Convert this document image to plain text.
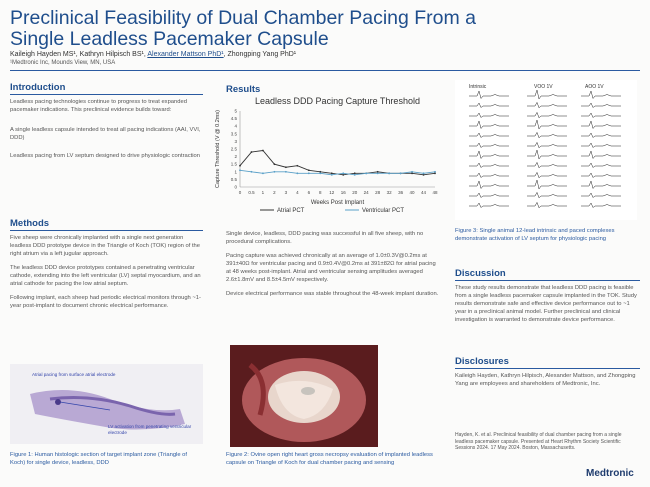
Preclinical Feasibility of Dual Chamber Pacing From a Single Leadless Pacemaker Capsule
Kaileigh Hayden MS¹, Kathryn Hilpisch BS¹, Alexander Mattson PhD¹, Zhongping Yang PhD¹
¹Medtronic Inc, Mounds View, MN, USA
Introduction

Leadless pacing technologies continue to progress to treat expanded pacemaker indications. This preclinical evidence builds toward:

A single leadless capsule intended to treat all pacing indications (AAI, VVI, DDD)

Leadless pacing from LV septum designed to drive physiologic contraction

Methods

Five sheep were chronically implanted with a single next generation leadless DDD prototype device in the Triangle of Koch (TOK) region of the right atrium via a left jugular approach.

The leadless DDD device prototypes contained a penetrating ventricular cathode, extending into the left ventricular (LV) septal myocardium, and an atrial cathode for pacing the low atrial septum.

Following implant, each sheep had periodic electrical monitors through ~1-year post-implant to document chronic electrical performance.

Atrial pacing from surface atrial electrode
LV activation from penetrating ventricular electrode
Figure 1: Human histologic section of target implant zone (Triangle of Koch) for single device, leadless, DDD
Results
Leadless DDD Pacing Capture Threshold
0
0.5
1
1.5
2
2.5
3
3.5
4
4.5
5
0 0.5 1 2 3 4 6 8 12 16 20 24 28 32 36 40 44 48
Capture Threshold (V @ 0.2ms)
Weeks Post Implant
Atrial PCT	Ventricular PCT

Single device, leadless, DDD pacing was successful in all five sheep, with no procedural complications.

Pacing capture was achieved chronically at an average of 1.0±0.3V@0.2ms at 391±40Ω for ventricular pacing and 0.9±0.4V@0.2ms at 391±82Ω for atrial pacing at 48 weeks post-implant. Atrial and ventricular sensing amplitudes averaged 2.6±1.8mV and 8.5±4.5mV respectively.

Device electrical performance was stable throughout the 48-week implant duration.

Figure 2: Ovine open right heart gross necropsy evaluation of implanted leadless capsule on Triangle of Koch for dual chamber pacing and sensing
Intrinsic	VOO 1V	AOO 1V
Figure 3: Single animal 12-lead intrinsic and paced complexes demonstrate activation of LV septum for physiologic pacing
Discussion
These study results demonstrate that leadless DDD pacing is feasible from a single leadless pacemaker capsule implanted in the TOK. Study results demonstrate safe and effective device performance out to ~1 year in a preclinical animal model. Further preclinical and clinical investigation is warranted to demonstrate device performance.
Disclosures
Kaileigh Hayden, Kathryn Hilpisch, Alexander Mattson, and Zhongping Yang are employees and shareholders of Medtronic, Inc.
Hayden, K. et al. Preclinical feasibility of dual chamber pacing from a single leadless pacemaker capsule. Presented at Heart Rhythm Society Scientific Sessions 2024. 17 May 2024. Boston, Massachusetts.
Medtronic
